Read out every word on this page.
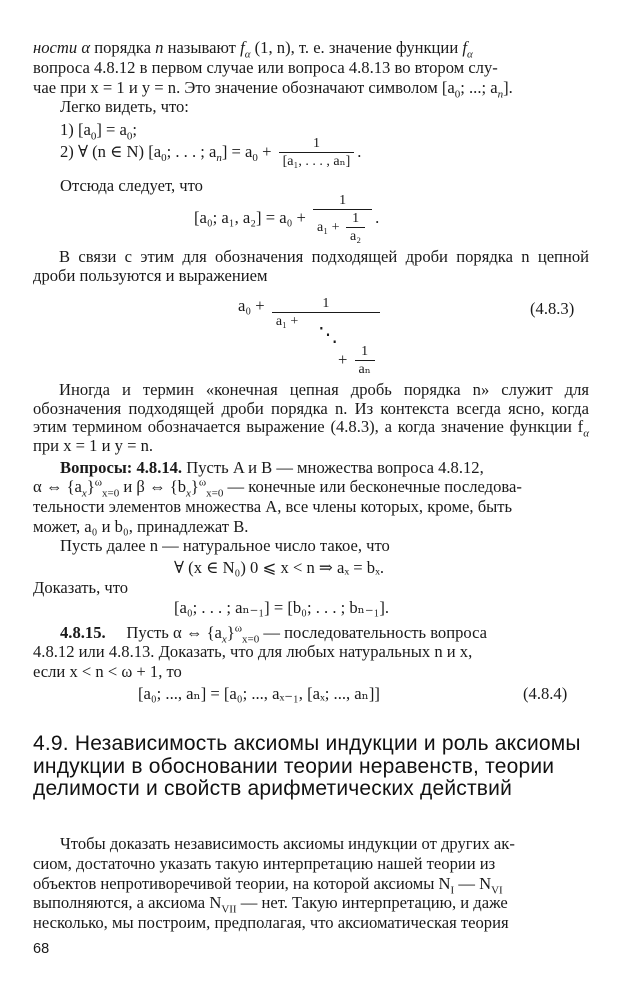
ности α порядка n называют $f_\alpha$ (1, n), т. е. значение функции $f_\alpha$
вопроса 4.8.12 в первом случае или вопроса 4.8.13 во втором слу-
чае при x = 1 и y = n. Это значение обозначают символом [$a_0$; ...; $a_n$].
Легко видеть, что:
1) $[a_0] = a_0$;
2) ∀ (n ∈ N) [$a_0$; . . . ; $a_n] = a_0 + \frac{1}{\text{[a₁, . . . , aₙ]}}$ .
Отсюда следует, что
[a₀; a₁, $a_2] = a_0 + \frac{1}{a_1 + \frac{1}{\text{a₂}}}$ .
В связи с этим для обозначения подходящей дроби порядка n цепной дроби пользуются и выражением
$a_0 + \frac{1}{\text{a₁ +}}$
⋱
+ $\frac{1}{\text{aₙ}}$
(4.8.3)
Иногда и термин «конечная цепная дробь порядка n» служит для обозначения подходящей дроби порядка n. Из контекста всегда ясно, когда этим термином обозначается выражение (4.8.3), а когда значение функции $f_\alpha$ при x = 1 и y = n.
Вопросы: 4.8.14. Пусть A и B — множества вопроса 4.8.12,
α ⇔ $\{a_x\}^\omega_{x=0}$ и β ⇔ $\{b_x\}^\omega_{x=0}$ — конечные или бесконечные последова-
тельности элементов множества A, все члены которых, кроме, быть
может, a₀ и b₀, принадлежат B.
Пусть далее n — натуральное число такое, что
∀ (x ∈ N₀) 0 ⩽ x < n ⇒ aₓ = bₓ.
Доказать, что
[a₀; . . . ; aₙ₋₁] = [b₀; . . . ; bₙ₋₁].
4.8.15. Пусть α ⇔ $\{a_x\}^\omega_{x=0}$ — последовательность вопроса
4.8.12 или 4.8.13. Доказать, что для любых натуральных n и x,
если x < n < ω + 1, то
[a₀; ..., aₙ] = [a₀; ..., aₓ₋₁, [aₓ; ..., aₙ]]	(4.8.4)
4.9. Независимость аксиомы индукции и роль аксиомы индукции в обосновании теории неравенств, теории делимости и свойств арифметических действий
Чтобы доказать независимость аксиомы индукции от других ак-
сиом, достаточно указать такую интерпретацию нашей теории из
объектов непротиворечивой теории, на которой аксиомы $N_I$ — $N_{VI}$
выполняются, а аксиома $N_{VII}$ — нет. Такую интерпретацию, и даже
несколько, мы построим, предполагая, что аксиоматическая теория
68
